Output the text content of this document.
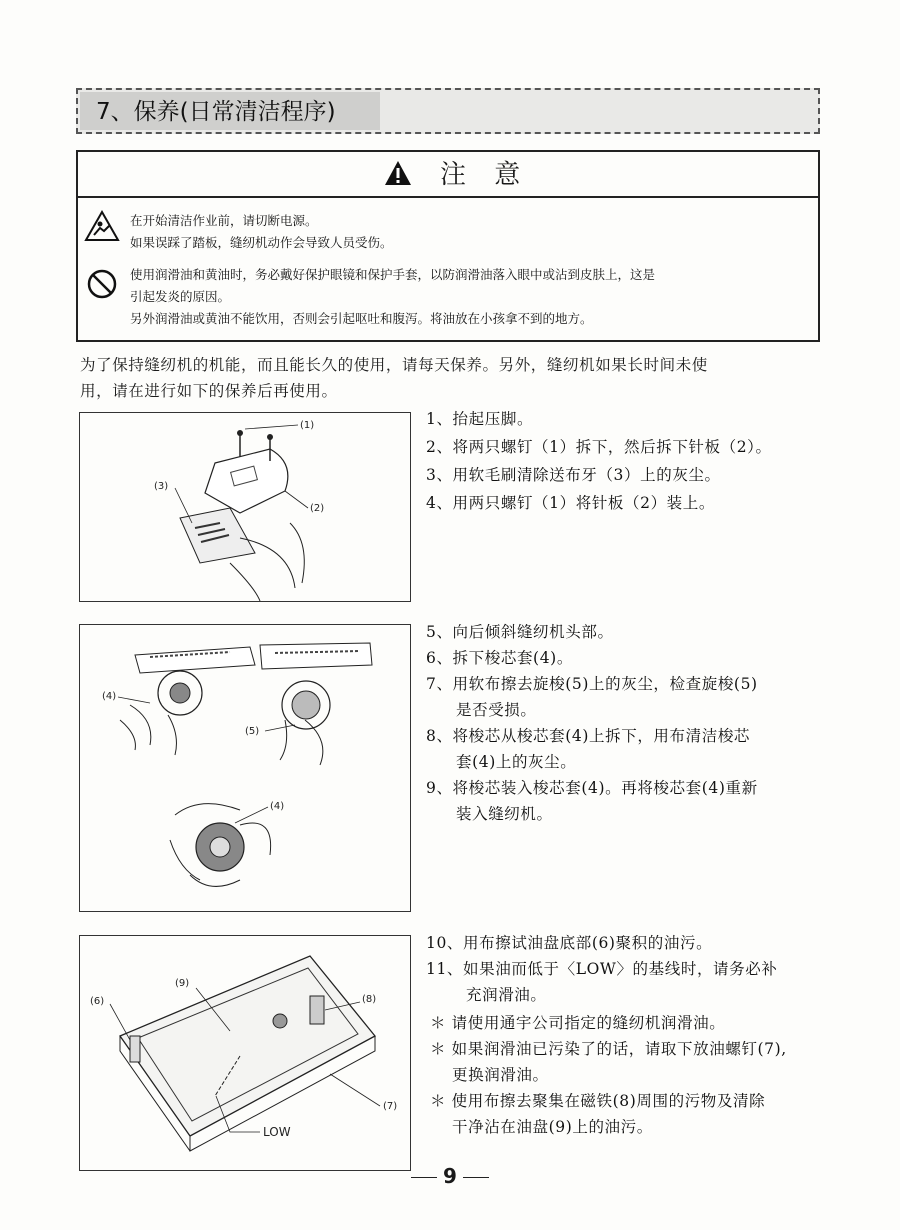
7、保养(日常清洁程序)
注 意
在开始清洁作业前，请切断电源。
如果误踩了踏板，缝纫机动作会导致人员受伤。
使用润滑油和黄油时，务必戴好保护眼镜和保护手套，以防润滑油落入眼中或沾到皮肤上，这是
引起发炎的原因。
另外润滑油或黄油不能饮用，否则会引起呕吐和腹泻。将油放在小孩拿不到的地方。
为了保持缝纫机的机能，而且能长久的使用，请每天保养。另外，缝纫机如果长时间未使
用，请在进行如下的保养后再使用。
(1)
(2)
(3)
1、抬起压脚。
2、将两只螺钉（1）拆下，然后拆下针板（2）。
3、用软毛刷清除送布牙（3）上的灰尘。
4、用两只螺钉（1）将针板（2）装上。
(4)
(5)
(4)
5、向后倾斜缝纫机头部。
6、拆下梭芯套(4)。
7、用软布擦去旋梭(5)上的灰尘，检查旋梭(5)
是否受损。
8、将梭芯从梭芯套(4)上拆下，用布清洁梭芯
套(4)上的灰尘。
9、将梭芯装入梭芯套(4)。再将梭芯套(4)重新
装入缝纫机。
(9)
(6)	(8)
(7)
LOW
10、用布擦试油盘底部(6)聚积的油污。
11、如果油而低于〈LOW〉的基线时，请务必补
充润滑油。
＊ 请使用通宇公司指定的缝纫机润滑油。
＊ 如果润滑油已污染了的话，请取下放油螺钉(7),
更换润滑油。
＊ 使用布擦去聚集在磁铁(8)周围的污物及清除
干净沾在油盘(9)上的油污。
9
